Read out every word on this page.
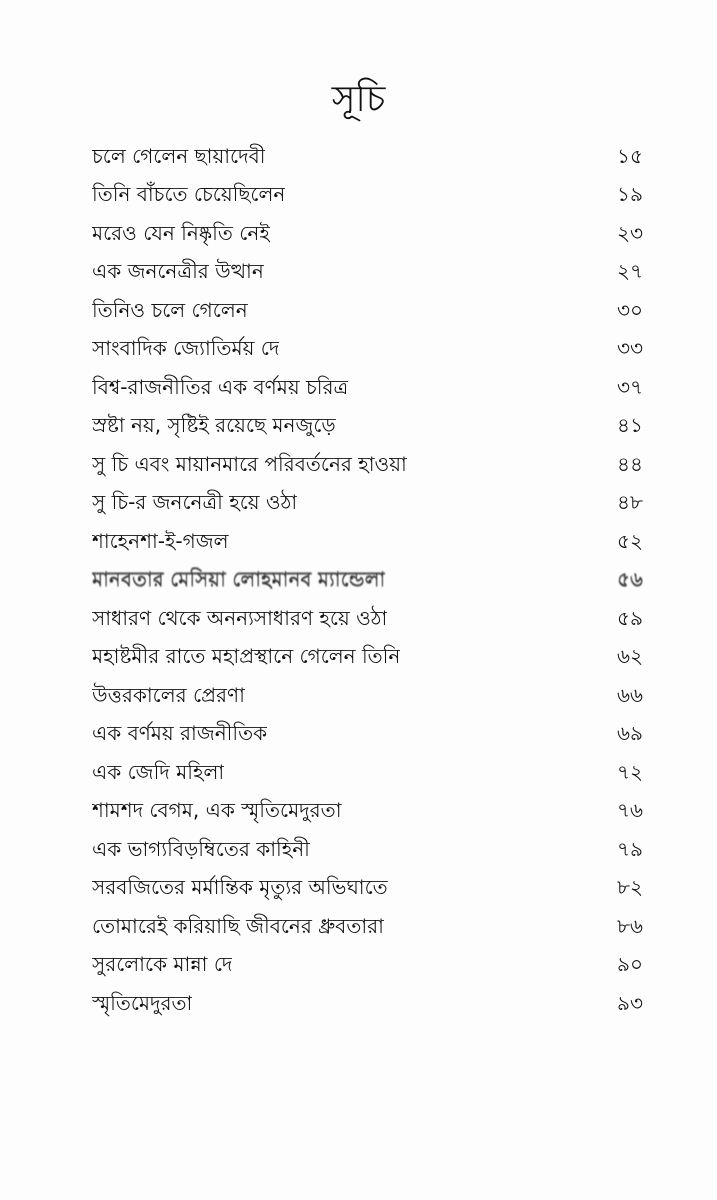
সূচি
চলে গেলেন ছায়াদেবী	১৫
তিনি বাঁচতে চেয়েছিলেন	১৯
মরেও যেন নিষ্কৃতি নেই	২৩
এক জননেত্রীর উত্থান	২৭
তিনিও চলে গেলেন	৩০
সাংবাদিক জ্যোতির্ময় দে	৩৩
বিশ্ব-রাজনীতির এক বর্ণময় চরিত্র	৩৭
স্রষ্টা নয়, সৃষ্টিই রয়েছে মনজুড়ে	৪১
সু চি এবং মায়ানমারে পরিবর্তনের হাওয়া	৪৪
সু চি-র জননেত্রী হয়ে ওঠা	৪৮
শাহেনশা-ই-গজল	৫২
মানবতার মেসিয়া লোহমানব ম্যান্ডেলা	৫৬
সাধারণ থেকে অনন্যসাধারণ হয়ে ওঠা	৫৯
মহাষ্টমীর রাতে মহাপ্রস্থানে গেলেন তিনি	৬২
উত্তরকালের প্রেরণা	৬৬
এক বর্ণময় রাজনীতিক	৬৯
এক জেদি মহিলা	৭২
শামশদ বেগম, এক স্মৃতিমেদুরতা	৭৬
এক ভাগ্যবিড়ম্বিতের কাহিনী	৭৯
সরবজিতের মর্মান্তিক মৃত্যুর অভিঘাতে	৮২
তোমারেই করিয়াছি জীবনের ধ্রুবতারা	৮৬
সুরলোকে মান্না দে	৯০
স্মৃতিমেদুরতা	৯৩
